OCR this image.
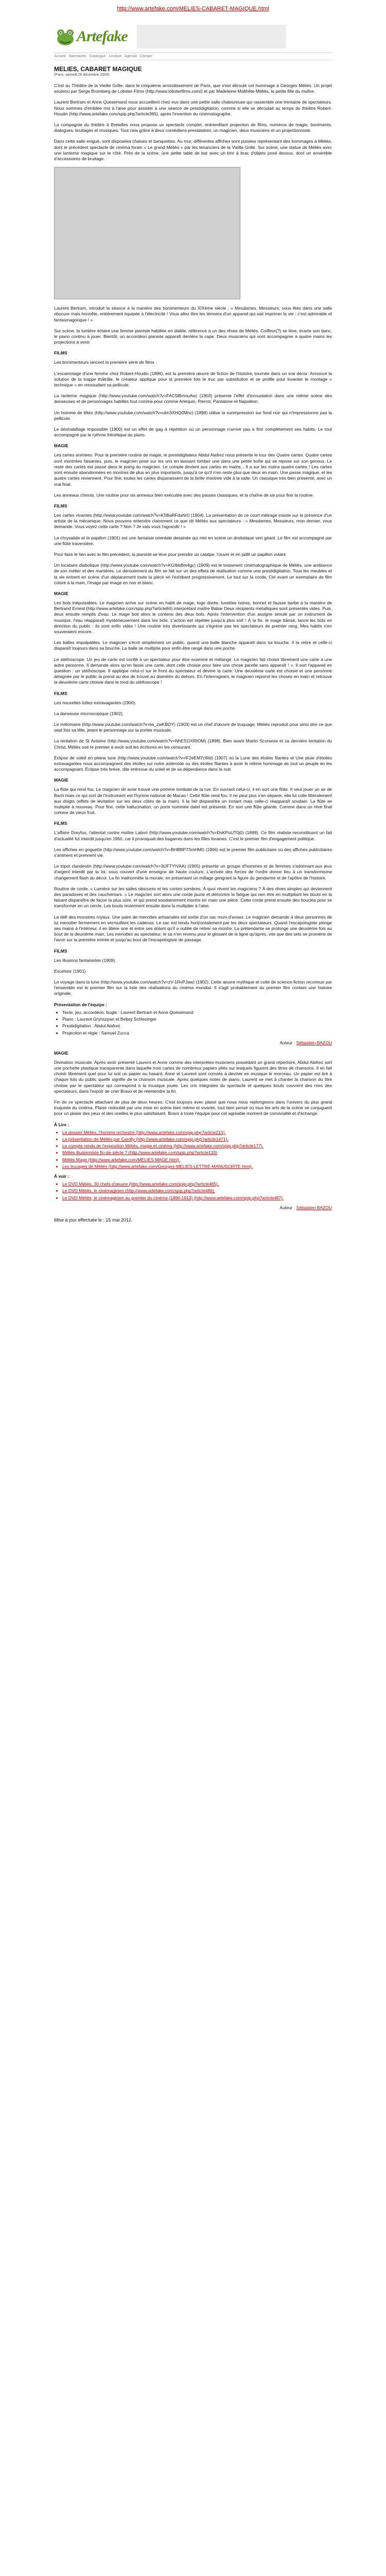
http://www.artefake.com/MELIES-CABARET-MAGIQUE.html
Artefake
Accueil Spectacles Catalogue Lexique Agenda Contact
MELIES, CABARET MAGIQUE
(Paris, samedi 26 décembre 2009)

C'est au Théâtre de la Vieille Grille, dans le cinquième arrondissement de Paris, que s'est déroulé cet hommage à Georges Méliès. Un projet soutenu par Serge Bromberg de Lobster-Films (http://www.lobsterfilms.com/) et par Madeleine Malthête-Méliès, la petite fille du maître.

Laurent Bertram et Anne Quesemand nous accueillent chez eux dans une petite salle chaleureuse qui rassemble une trentaine de spectateurs. Nous sommes d'emblée mis à l'aise pour assister à une séance de prestidigitation, comme si elle se déroulait au temps du théâtre Robert-Houdin (http://www.artefake.com/spip.php?article365), après l'invention du cinématographe.

La compagnie du théâtre à Bretelles nous propose un spectacle complet, entremêlant projection de films, numéros de magie, boniments, dialogues, bruitages et musiques. Tout cela grâce à deux comédiens-prestataires, un magicien, deux musiciens et un projectionniste.

Dans cette salle exiguë, sont disposées chaises et banquettes. Au mur, différentes affiches sont puisées représentant des hommages à Méliès, dont le précédent spectacle de cinéma forain « Le grand Méliès » par les tenanciers de la Vieille Grille. Sur scène, une statue de Méliès avec une lanterne magique sur le côté. Près de la scène, une petite table de bar avec un bric à brac d'objets posé dessus, dont un ensemble d'accessoires de bruitage.

Laurent Bertram, introduit la séance à la manière des bonimenteurs du XIXème siècle : « Mesdames, Messieurs, vous êtes dans une salle obscure mais honnête, entièrement équipée à l'électricité ! Vous allez être les témoins d'un appareil qui sait imprimer la vie : c'est admirable et fantasmagorique ! »

Sur scène, la lumière éclaire une femme pianiste habillée en diable, référence à un des rêves de Méliès. Coiffeur(?) se lève, écarte son banc, le piano continu à jouer. Bientôt, un accordéon pianiste apparaît derrière la cape. Deux musiciens qui vont accompagner à quatre mains les projections à venir.

FILMS

Les bonimenteurs lancent la première série de films :

L'escamotage d'une femme chez Robert-Houdin (1896), est la première œuvre de fiction de l'histoire, tournée dans un vrai décor. Annoncé la solution de la trappe thâtrâle, le créateur applique pour la première fois le truc par substitution et se profile pour inventer le montage « technique » en ressoudant sa pellicule.

La lanterne magique (http://www.youtube.com/watch?v=FAC5lBmnuAw) (1903) présente l'effet d'incrustation dans une même scène des danseuses et de personnages habillés tout comme pour comme Arlequin, Pierrot, Pantalone et Napoléon.

Un homme de têtes (http://www.youtube.com/watch?v=ulm3XHQ0Mnc) (1898) utilise la surimpression sur fond noir qui n'impressionne pas la pellicule.

Le déshabillage impossible (1900) est un effet de gag à répétition où un personnage n'arrive pas à finir complètement ses habits. Le tout accompagné par le rythme frénétique du piano.

MAGIE

Les cartes animées. Pour la première routine de magie, le prestidigitateur Abdul Alafrez nous présente le tour des Quatre cartes. Quatre cartes sont montrées faisantes, puis, le magicien pose sur les uns en laissant tomber une dans une petite boîte qui se repose sur son genoux. Le reste des cartes est passé dans le poing du magicien. Le compte devient aux cartes en mains... Il a sur les mains quatre cartes ! Les cartes sont ensuite abandonnées en montres de plus en plus importants, jusqu'à ce qu'il n'en reste plus que deux en main. Une passe magique, et les quatre cartes reviennent. Pour finir, toutes les cartes disparaissent de la boîte montrée vide à la salle. Un classique très bien présenté, avec un vrai final.

Les anneaux chinois. Une routine pour six anneaux bien exécutée avec des passes classiques, et la chaîne de six pour finir la routine.

FILMS

Les cartes vivantes (http://www.youtube.com/watch?v=K5BaRFdaNrI) (1904). La présentation de ce court métrage insiste sur la présence d'un artiste de la mécanique. Nous pouvons entendre clairement ce que dit Méliès aux spectateurs : « Mesdames, Messieurs, mon dernier, vous demande. Vous voyez cette carte ? Non ? Je vais vous l'agrandir ! »

La chrysalide et le papillon (1901) est une fantaisie orientale dessinée qui met en scène un droitatique vert géant. Le film est accompagné par une flûte traversière.

Pour faire le lien avec le film précédent, la pianiste se lève pour prendre un catalpe, l'ouvrir et en jaillit un papillon volant.

Un locataire diabolique (http://www.youtube.com/watch?v=KGIbbBm4gc) (1909) est le testament cinématographique de Méliès, une ambiance de son métier et des manières. Le déroulement du film se fait sur un des effets de réalisation comme une prestidigitation. Tous les meubles et la vie entrent en scène d'un déplacement toute la pièce en l'exhibant progressivement. Le tout sur la corde, Cet avant un exemplaire de film coloré à la main, l'image par image en noir et blanc.

MAGIE

Les bols inépuisables. Le magicien arrive sur scène en habit de mage, toge dorée, lunettes noires, bonnet et fausse barbe à la manière de Bertrand Ernest (http://www.artefake.com/spip.php?article84) interprétant maître Babar Deux récipients métalliques sont présentés vides. Puis, deux ensuite remplis d'eau. Le mage boit alors le contenu des deux bols. Après l'intervention d'un assigne simulé par un instrument de musique, l'eau réapparaît mystérieusement dans les bols. L'action est répétée jusqu'à plus soif ! À la fin, le mage bânsé, lance les bols en direction du public : ils sont enfin vides ! Une routine très divertissante qui s'égrène pas les spectateurs de premier rang. Mes habits n'en souveraient encore.

Les balles impalpables. Le magicien s'écrit simplement un public, quand une balle blanche apparaît dans sa bouche. Il la retire et celle-ci disparaît toujours dans sa bouche. La balle se multiplie pour enfin être rangé dans une poche.

Le stéthoscope. Un jeu de carte est confié à un spectateur pour être examiné et mélangé. Le magicien fait choisir librement une carte à une autre personne. Il demande alors qu'on fasse une carte, dont celle choisie pour faire une chose parelle sans apparaît ! ». Il sort l'appareil en question : un stéthoscope. Il applique celui-ci sur le front du spectateur et devine la carte. Une deuxième carte est choisie et une personne désignée par le public la prend au dos de trouvé au diamètre du dehors. En l'interrogeant, le magicien reprend les choses en main et retrouve la deuxième carte choisie dans le tond du stéthoscope !

FILMS

Les nouvelles luttes extravagantes (1900).

La danseuse microscopique (1902).

Le mélomane (http://www.youtube.com/watch?v=tw_zwKBOY) (1903) est un chef d'œuvre de truquage. Méliès reproduit pour ainsi dire ce que sept fois sa tête, jetant le personnage sur la portée musicale.

La tentation de St Antoine (http://www.youtube.com/watch?v=NhES1IXRIOM) (1898). Bien avant Martin Scorsese et sa dernière tentation du Christ, Méliès osé te premier à avoir suit les écritures en les censurant.

Éclipse de soleil en pleine lune (http://www.youtube.com/watch?v=lF2eEM7cWd) (1907) où la Lune des étoiles filantes et Une pluie d'étoiles extravagantes nous accompagnent des étoiles sur notre astéroïde ou des étoiles filantes à avoir le même hommage de tout un peuple en les accompagnant. Éclipse très brève, dite entrevue du soleil et de sa dépendance dans la nuit.

MAGIE

La flûte qui rend fou. Le magicien dit avoir trouvé une pomme tombale de la rue. En ouvrant celui-ci, il en sort une flûte. Il veut jouer un air de Bach mais ce qui sort de l'instrument est l'hymne national de Macao ! Cette flûte rend fou. Il ne peut plus s'en séparer, elle lui colle littéralement aux doigts (effets de lévitation sur les deux côtés de la main). Il la fait disparaître un instant mais celle-ci réapparaît soudain. La flûte se multiplie à nouveau. Pour finir, cette hallucination, un porte nommée datel est présenté. En sort une flûte géante. Comme dans un rêve final comme de vieux fruit.

FILMS

L'affaire Dreyfus, l'attentat contre maître Labori (http://www.youtube.com/watch?v=DsKPuUT0j0) (1899). Ce film réaliste reconstituant un fait d'actualité fut interdit jusqu'en 1950, car il provoquait des bagarres dans les filles foraines. C'est le premier film d'engagement politique.

Les affiches en goguette (http://www.youtube.com/watch?v=BHBBP7SmHMI) (1906) est le premier film publicitaire où des affiches publicitaires s'animent et prennent vie.

Le tripot clandestin (http://www.youtube.com/watch?v=3tJFTYIVAA) (1905) présente un groupe d'hommes et de femmes s'adonnant aux jeux d'argent interdit par la loi, sous couvert d'une enseigne de haute couture. L'arrivée des forces de l'ordre donne lieu à un transformisme changement flash du décor. La fin malhonnête la morale, en présentant un millage gengrant la figure du gendarme et de l'apôtre de l'histoire.

Routine de corde. « Lumière sur les salles obscures et les contes sombres. À quoi révent les magiciens ? À des rêves simples qui deviennent des paradoxes et des cauchemars. » Le magicien sort alors une corde jaune et démontre la fatigue qui rien étre en multipliant les bouts en la faisant disparaître de façon la plus sûre, et qui prend soudainement montre en main une pièce. Cette corde prend ensuite des boucles pour se transformer en un cercle. Les bouts reviennent ensuite dans la multiplier à l'aise.

Le défi des monstres royaux. Une paire de menottes artisanales est sortie d'un sac muni d'anses. Le magicien demande à deux personnes de lui menotter fermement en verrouillant les cadenas. Le sac est tendu horizontalement par les deux spectateurs. Quand l'escapologiste plonge ses mains à l'intérieur, il en libère une et entre ses dolant qu'il a oublié de retirer sa montre. La prétendante se prolonge une deuxième fois au bout de la deuxième main. Les menottes au spectateur, le sa n'en revenu pour le glissant de la ligne qu'après, vite que des sets se promène de l'avoir sur la première entrée et jusqu'au bout de l'escapologiste de passage.

FILMS

Les illusions fantaisistes (1909).

Excelsior (1901).

Le voyage dans la lune (http://www.youtube.com/watch?v=zV-1RvPJaw) (1902). Cette œuvre mythique et culte de science-fiction reconnue par l'ensemble est le premier film sur la liste des réalisations du cinéma mondial. Il s'agit probablement du premier film contant une histoire originale.

Présentation de l'équipe :

• Texte, jeu, accordéon, bugle : Laurent Bertram et Anne Quesemand
• Piano : Laurent Grynszpan et Bebsy Schlesinger
• Prestidigitation : Abdul Alafrez
• Projection et régie : Samuel Zucca
Auteur : Sébastien BAZOU
MAGIE

Divination musicale. Après avoir présenté Laurent et Anne comme des interprètes-musiciens possédant un grand répertoire, Abdul Alafrez sort une pochette plastique transparente dans laquelle trois cartes de nombreux papiers pliés sur lesquels figurent des titres de chansons. Il en fait choisir librement quel pour lui soit un papier au hasard. Anne et Laurent sont conviés à deviner en musique le morceau. Un papier est tiré à chaque fois du public quelle signifie de la chanson musicale. Après quelques notes de piano, Laurent se met à chanter la chanson du titre choisie par le spectateur qui correspond à la musique jouée. Les cris intégrales du spectacle et quelques bouts couvrent des rires des spectateurs, dans l'espoir de crier Bravo et de réentendre la fin.

Fin de ce spectacle attachant de plus de deux heures. C'est toujours avec plaisir que nous nous replongeons dans l'univers du plus grand truquiste du cinéma. Plaisir redoublé par une mise en scène bien même et vivante, tout bien pensé où tous les arts de la scène se conjuguent pour un plaisir des yeux et des oreilles le plus satisfaisant. Bravo à toute l'équipe pour cet agréable moment de convivialité et d'échange.

À Lire :

• Le dossier Méliès, l'homme orchestre (http://www.artefake.com/spip.php?article215).
• La présentation de Méliès par Carolly (http://www.artefake.com/spip.php?article1471).
• Le compte rendu de l'exposition Méliès, magie et cinéma (http://www.artefake.com/spip.php?article177).
• Méliès illusionniste fin-de-siècle ? (http://www.artefake.com/spip.php?article133)
• Méliès Mage (http://www.artefake.com/MELIES-MAGE.html).
• Les trucages de Méliès (http://www.artefake.com/Georges-MELIES-LETTRE-MANUSCRITE.html).

À voir :

• Le DVD Méliès, 30 chefs-d'œuvre (http://www.artefake.com/spip.php?article485).
• Le DVD Méliès, le cinémagicien (http://www.artefake.com/spip.php?article486).
• Le DVD Méliès, le cinémagicien au premier du cinéma (1896-1913) (http://www.artefake.com/spip.php?article487).
Auteur : Sébastien BAZOU
Mise à jour effectuée le : 15 mai 2012.
